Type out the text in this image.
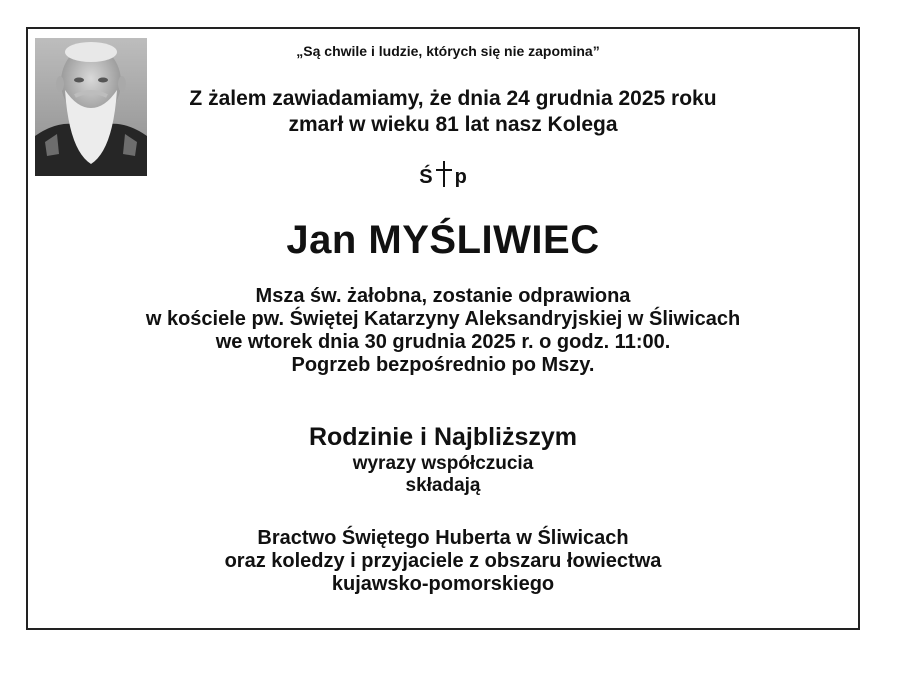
„Są chwile i ludzie, których się nie zapomina”
Z żalem zawiadamiamy, że dnia 24 grudnia 2025 roku
zmarł w wieku 81 lat nasz Kolega
Ś p
Jan MYŚLIWIEC
Msza św. żałobna, zostanie odprawiona
w kościele pw. Świętej Katarzyny Aleksandryjskiej w Śliwicach
we wtorek dnia 30 grudnia 2025 r. o godz. 11:00.
Pogrzeb bezpośrednio po Mszy.
Rodzinie i Najbliższym
wyrazy współczucia
składają
Bractwo Świętego Huberta w Śliwicach
oraz koledzy i przyjaciele z obszaru łowiectwa
kujawsko-pomorskiego
